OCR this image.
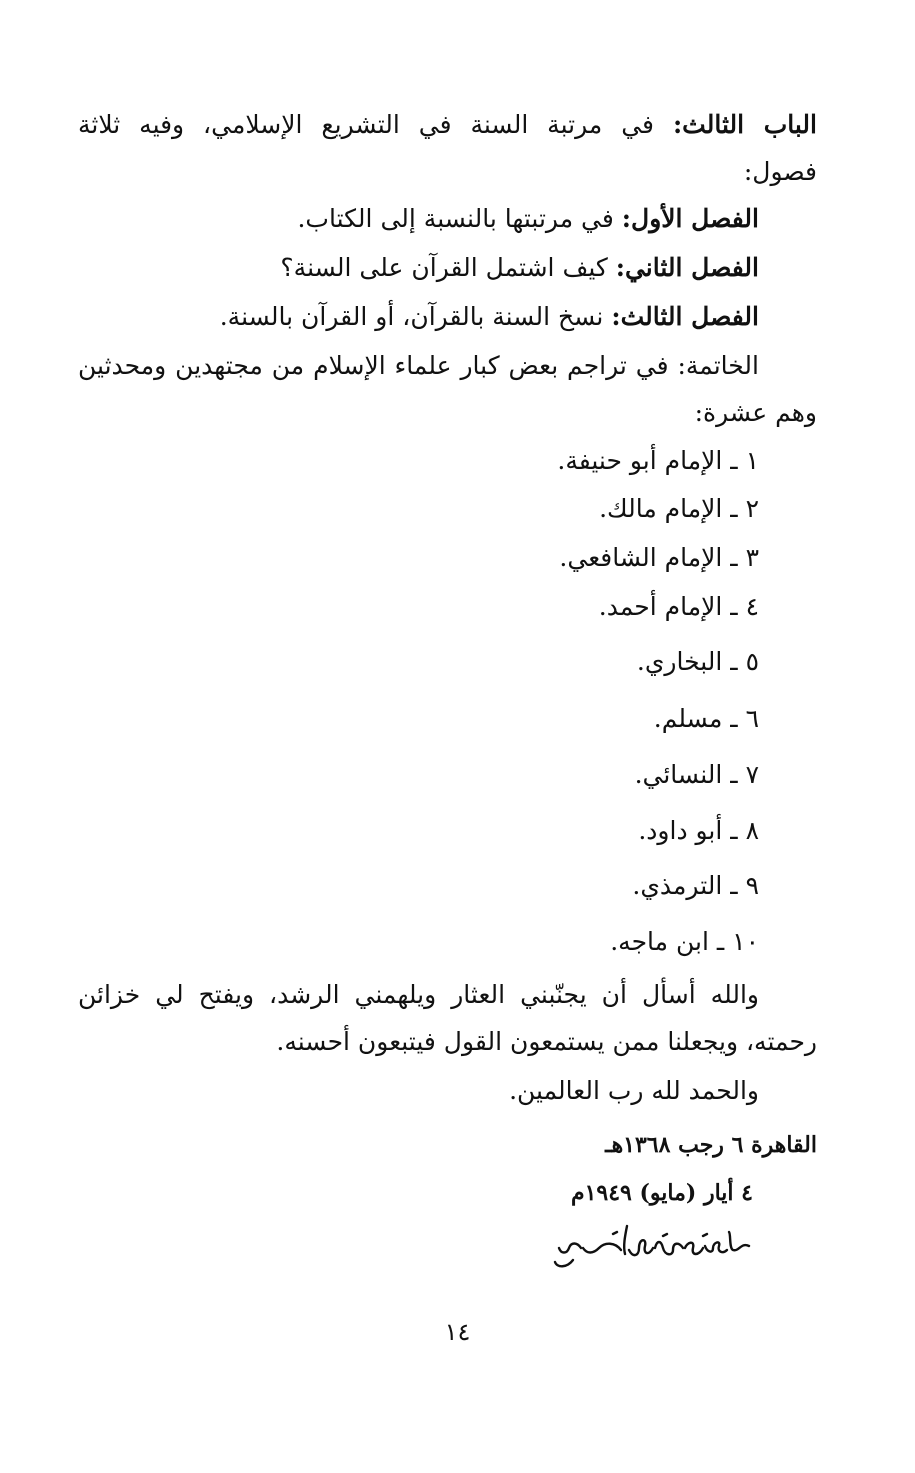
الباب الثالث: في مرتبة السنة في التشريع الإسلامي، وفيه ثلاثة
فصول:
الفصل الأول: في مرتبتها بالنسبة إلى الكتاب.
الفصل الثاني: كيف اشتمل القرآن على السنة؟
الفصل الثالث: نسخ السنة بالقرآن، أو القرآن بالسنة.
الخاتمة: في تراجم بعض كبار علماء الإسلام من مجتهدين ومحدثين
وهم عشرة:
١ ـ الإمام أبو حنيفة.
٢ ـ الإمام مالك.
٣ ـ الإمام الشافعي.
٤ ـ الإمام أحمد.
٥ ـ البخاري.
٦ ـ مسلم.
٧ ـ النسائي.
٨ ـ أبو داود.
٩ ـ الترمذي.
١٠ ـ ابن ماجه.
والله أسأل أن يجنّبني العثار ويلهمني الرشد، ويفتح لي خزائن
رحمته، ويجعلنا ممن يستمعون القول فيتبعون أحسنه.
والحمد لله رب العالمين.
القاهرة ٦ رجب ١٣٦٨هـ
٤ أيار (مايو) ١٩٤٩م
١٤
